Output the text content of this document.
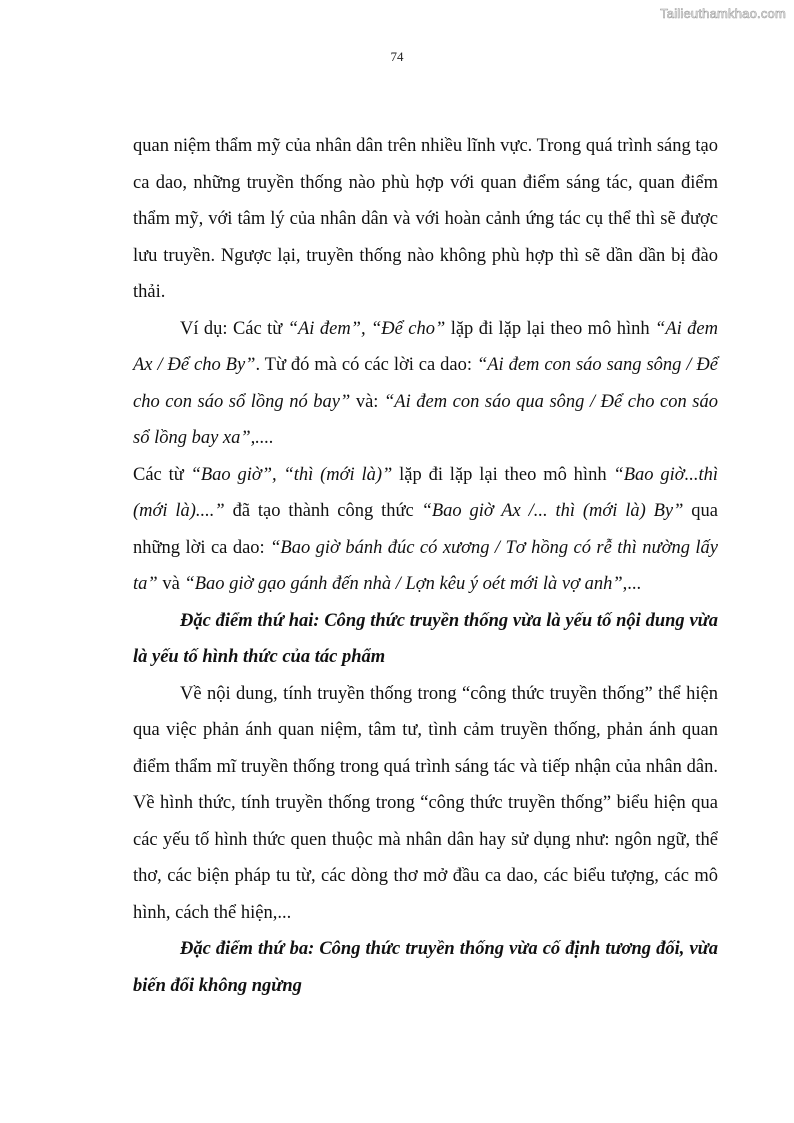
Tailieuthamkhao.com
74

quan niệm thẩm mỹ của nhân dân trên nhiều lĩnh vực. Trong quá trình sáng tạo ca dao, những truyền thống nào phù hợp với quan điểm sáng tác, quan điểm thẩm mỹ, với tâm lý của nhân dân và với hoàn cảnh ứng tác cụ thể thì sẽ được lưu truyền. Ngược lại, truyền thống nào không phù hợp thì sẽ dần dần bị đào thải.

Ví dụ: Các từ “Ai đem”, “Để cho” lặp đi lặp lại theo mô hình “Ai đem Ax / Để cho By”. Từ đó mà có các lời ca dao: “Ai đem con sáo sang sông / Để cho con sáo sổ lồng nó bay” và: “Ai đem con sáo qua sông / Để cho con sáo sổ lồng bay xa”,....

Các từ “Bao giờ”, “thì (mới là)” lặp đi lặp lại theo mô hình “Bao giờ...thì (mới là)....” đã tạo thành công thức “Bao giờ Ax /... thì (mới là) By” qua những lời ca dao: “Bao giờ bánh đúc có xương / Tơ hồng có rễ thì nường lấy ta” và “Bao giờ gạo gánh đến nhà / Lợn kêu ý oét mới là vợ anh”,...

Đặc điểm thứ hai: Công thức truyền thống vừa là yếu tố nội dung vừa là yếu tố hình thức của tác phẩm

Về nội dung, tính truyền thống trong “công thức truyền thống” thể hiện qua việc phản ánh quan niệm, tâm tư, tình cảm truyền thống, phản ánh quan điểm thẩm mĩ truyền thống trong quá trình sáng tác và tiếp nhận của nhân dân. Về hình thức, tính truyền thống trong “công thức truyền thống” biểu hiện qua các yếu tố hình thức quen thuộc mà nhân dân hay sử dụng như: ngôn ngữ, thể thơ, các biện pháp tu từ, các dòng thơ mở đầu ca dao, các biểu tượng, các mô hình, cách thể hiện,...

Đặc điểm thứ ba: Công thức truyền thống vừa cố định tương đối, vừa biến đổi không ngừng
